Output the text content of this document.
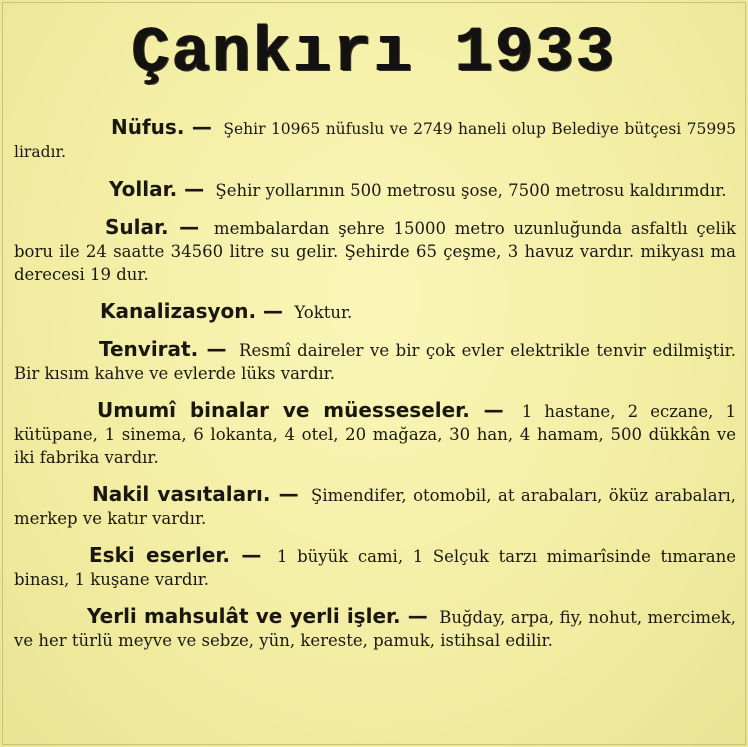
Çankırı 1933

Nüfus. — Şehir 10965 nüfuslu ve 2749 haneli olup Belediye bütçesi 75995 liradır.

Yollar. — Şehir yollarının 500 metrosu şose, 7500 metrosu kaldırımdır.

Sular. — membalardan şehre 15000 metro uzunluğunda asfaltlı çelik boru ile 24 saatte 34560 litre su gelir. Şehirde 65 çeşme, 3 havuz vardır. mikyası ma derecesi 19 dur.

Kanalizasyon. — Yoktur.

Tenvirat. — Resmî daireler ve bir çok evler elektrikle tenvir edilmiştir. Bir kısım kahve ve evlerde lüks vardır.

Umumî binalar ve müesseseler. — 1 hastane, 2 eczane, 1 kütüpane, 1 sinema, 6 lokanta, 4 otel, 20 mağaza, 30 han, 4 hamam, 500 dükkân ve iki fabrika vardır.

Nakil vasıtaları. — Şimendifer, otomobil, at arabaları, öküz arabaları, merkep ve katır vardır.

Eski eserler. — 1 büyük cami, 1 Selçuk tarzı mimarîsinde tımarane binası, 1 kuşane vardır.

Yerli mahsulât ve yerli işler. — Buğday, arpa, fiy, nohut, mercimek, ve her türlü meyve ve sebze, yün, kereste, pamuk, istihsal edilir.
